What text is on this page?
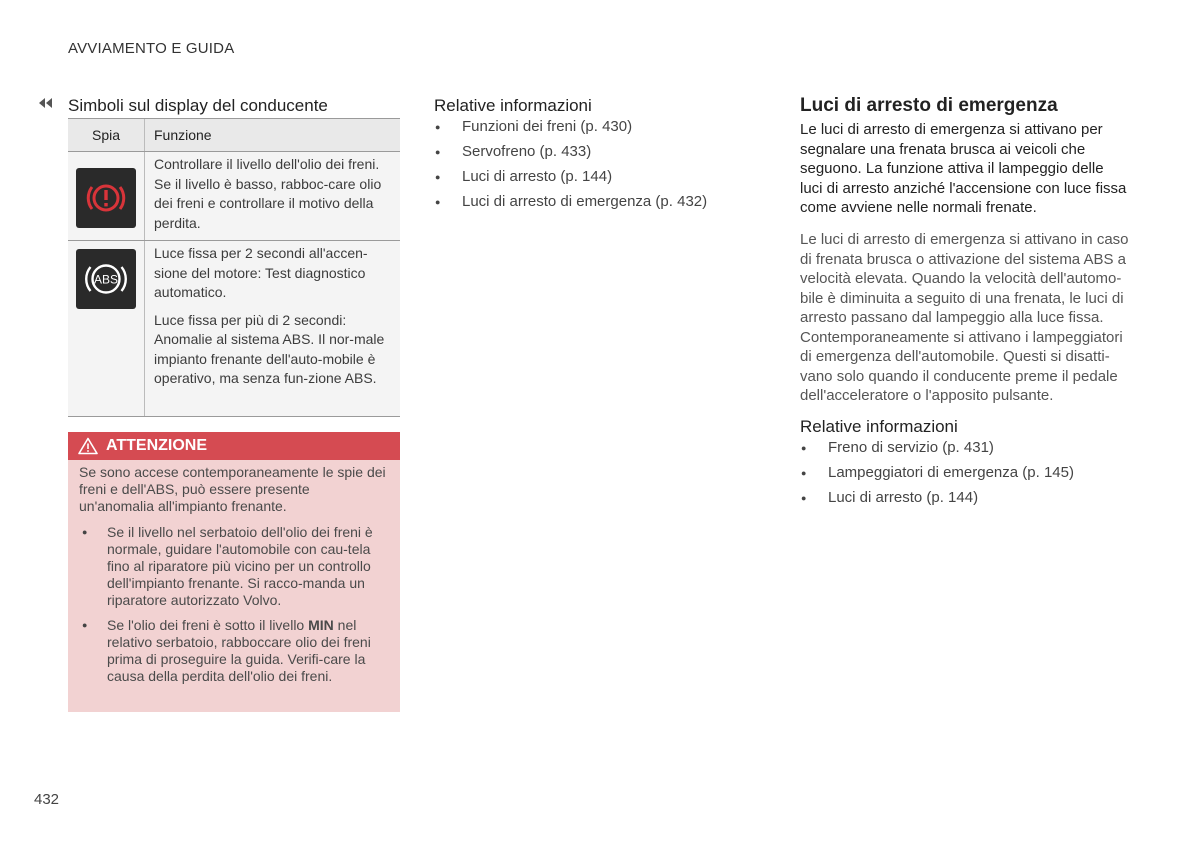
AVVIAMENTO E GUIDA
Simboli sul display del conducente
Spia	Funzione

Controllare il livello dell'olio dei freni. Se il livello è basso, rabboc-care olio dei freni e controllare il motivo della perdita.

ABS

Luce fissa per 2 secondi all'accen-sione del motore: Test diagnostico automatico.

Luce fissa per più di 2 secondi: Anomalie al sistema ABS. Il nor-male impianto frenante dell'auto-mobile è operativo, ma senza fun-zione ABS.

ATTENZIONE

Se sono accese contemporaneamente le spie dei freni e dell'ABS, può essere presente un'anomalia all'impianto frenante.

● Se il livello nel serbatoio dell'olio dei freni è normale, guidare l'automobile con cau-tela fino al riparatore più vicino per un controllo dell'impianto frenante. Si racco-manda un riparatore autorizzato Volvo.
● Se l'olio dei freni è sotto il livello MIN nel relativo serbatoio, rabboccare olio dei freni prima di proseguire la guida. Verifi-care la causa della perdita dell'olio dei freni.
Relative informazioni
● Funzioni dei freni (p. 430)
● Servofreno (p. 433)
● Luci di arresto (p. 144)
● Luci di arresto di emergenza (p. 432)
Luci di arresto di emergenza
Le luci di arresto di emergenza si attivano per segnalare una frenata brusca ai veicoli che seguono. La funzione attiva il lampeggio delle luci di arresto anziché l'accensione con luce fissa come avviene nelle normali frenate.
Le luci di arresto di emergenza si attivano in caso di frenata brusca o attivazione del sistema ABS a velocità elevata. Quando la velocità dell'automo-bile è diminuita a seguito di una frenata, le luci di arresto passano dal lampeggio alla luce fissa. Contemporaneamente si attivano i lampeggiatori di emergenza dell'automobile. Questi si disatti-vano solo quando il conducente preme il pedale dell'acceleratore o l'apposito pulsante.
Relative informazioni
● Freno di servizio (p. 431)
● Lampeggiatori di emergenza (p. 145)
● Luci di arresto (p. 144)
432
